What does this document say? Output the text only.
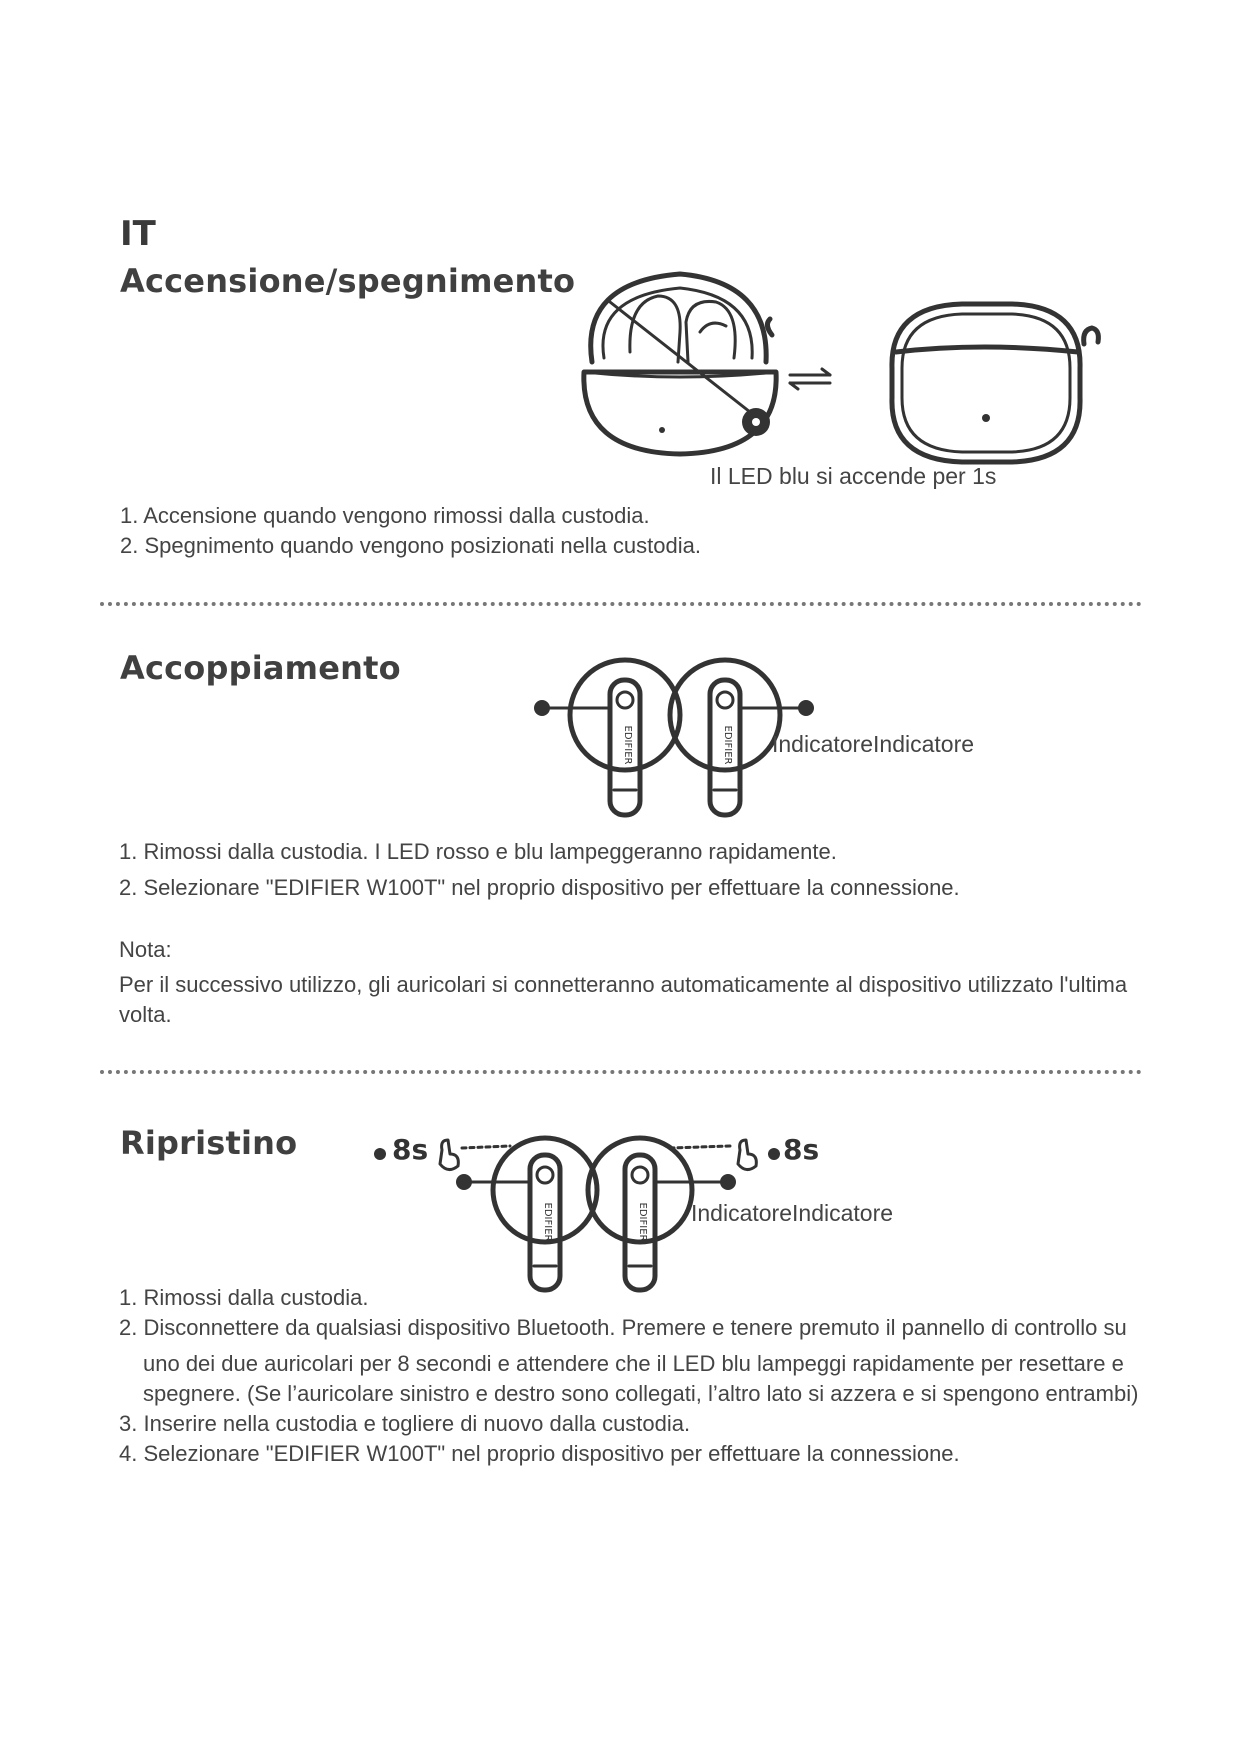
IT
Accensione/spegnimento
Il LED blu si accende per 1s
1. Accensione quando vengono rimossi dalla custodia.
2. Spegnimento quando vengono posizionati nella custodia.
Accoppiamento
EDIFIER	EDIFIER IndicatoreIndicatore
1. Rimossi dalla custodia. I LED rosso e blu lampeggeranno rapidamente.
2. Selezionare "EDIFIER W100T" nel proprio dispositivo per effettuare la connessione.
Nota:
Per il successivo utilizzo, gli auricolari si connetteranno automaticamente al dispositivo utilizzato l'ultima
volta.
Ripristino	8s
EDIFIER	EDIFIER
8s
IndicatoreIndicatore
1. Rimossi dalla custodia.
2. Disconnettere da qualsiasi dispositivo Bluetooth. Premere e tenere premuto il pannello di controllo su
uno dei due auricolari per 8 secondi e attendere che il LED blu lampeggi rapidamente per resettare e
spegnere. (Se l’auricolare sinistro e destro sono collegati, l’altro lato si azzera e si spengono entrambi)
3. Inserire nella custodia e togliere di nuovo dalla custodia.
4. Selezionare "EDIFIER W100T" nel proprio dispositivo per effettuare la connessione.
